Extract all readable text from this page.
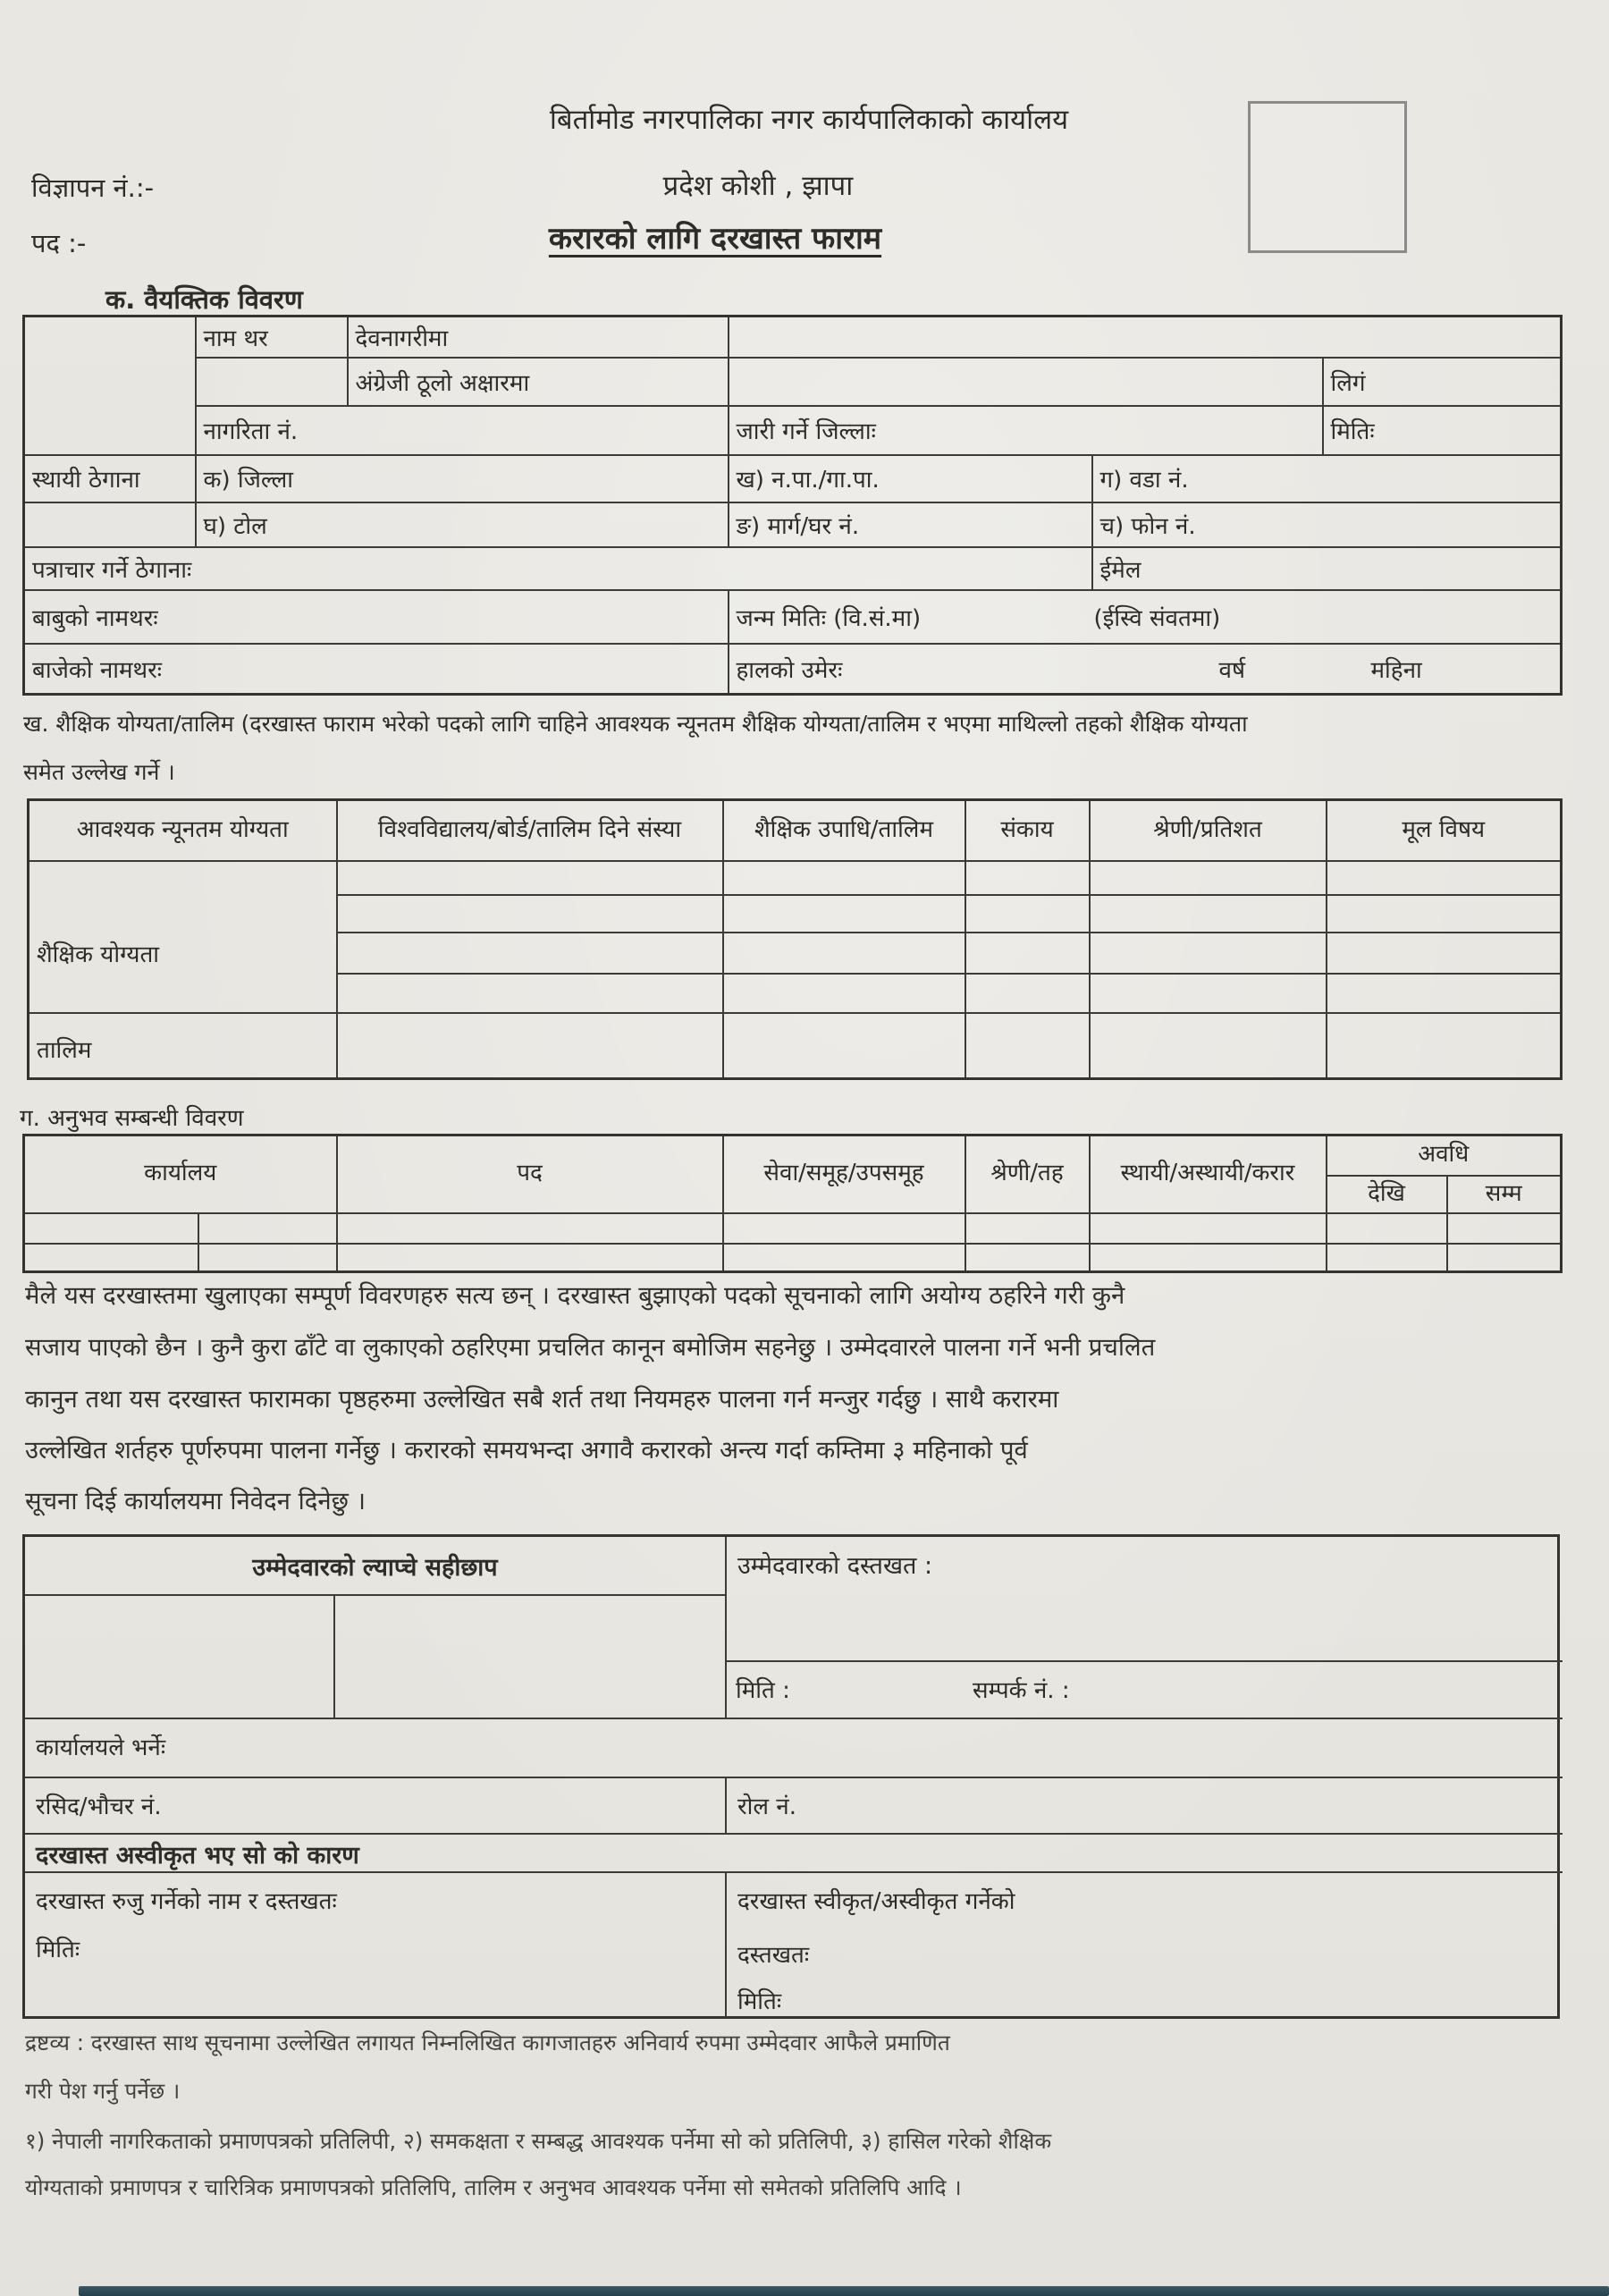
बिर्तामोड नगरपालिका नगर कार्यपालिकाको कार्यालय
विज्ञापन नं.:-	प्रदेश कोशी , झापा
पद :-	करारको लागि दरखास्त फाराम
क. वैयक्तिक विवरण
	नाम थर	देवनागरीमा			
		अंग्रेजी ठूलो अक्षारमा			लिगं
	नागरिता नं.		जारी गर्ने जिल्लाः		मितिः
स्थायी ठेगाना	क) जिल्ला		ख) न.पा./गा.पा.	ग) वडा नं.	
	घ) टोल		ङ) मार्ग/घर नं.	च) फोन नं.	
पत्राचार गर्ने ठेगानाः				ईमेल	
बाबुको नामथरः			जन्म मितिः (वि.सं.मा) (ईस्वि संवतमा)		

बाजेको नामथरः			हालको उमेरः वर्ष महिना		
ख. शैक्षिक योग्यता/तालिम (दरखास्त फाराम भरेको पदको लागि चाहिने आवश्यक न्यूनतम शैक्षिक योग्यता/तालिम र भएमा माथिल्लो तहको शैक्षिक योग्यता
समेत उल्लेख गर्ने ।
आवश्यक न्यूनतम योग्यता	विश्वविद्यालय/बोर्ड/तालिम दिने संस्या	शैक्षिक उपाधि/तालिम	संकाय	श्रेणी/प्रतिशत	मूल विषय
शैक्षिक योग्यता					

तालिम					
ग. अनुभव सम्बन्धी विवरण
कार्यालय		पद	सेवा/समूह/उपसमूह	श्रेणी/तह	स्थायी/अस्थायी/करार	अवधि	
						देखि	सम्म

मैले यस दरखास्तमा खुलाएका सम्पूर्ण विवरणहरु सत्य छन् । दरखास्त बुझाएको पदको सूचनाको लागि अयोग्य ठहरिने गरी कुनै
सजाय पाएको छैन । कुनै कुरा ढाँटे वा लुकाएको ठहरिएमा प्रचलित कानून बमोजिम सहनेछु । उम्मेदवारले पालना गर्ने भनी प्रचलित
कानुन तथा यस दरखास्त फारामका पृष्ठहरुमा उल्लेखित सबै शर्त तथा नियमहरु पालना गर्न मन्जुर गर्दछु । साथै करारमा
उल्लेखित शर्तहरु पूर्णरुपमा पालना गर्नेछु । करारको समयभन्दा अगावै करारको अन्त्य गर्दा कम्तिमा ३ महिनाको पूर्व
सूचना दिई कार्यालयमा निवेदन दिनेछु ।
उम्मेदवारको ल्याप्चे सहीछाप	उम्मेदवारको दस्तखत :
मिति :	सम्पर्क नं. :
कार्यालयले भर्नेः
रसिद/भौचर नं.	रोल नं.
दरखास्त अस्वीकृत भए सो को कारण
दरखास्त रुजु गर्नेको नाम र दस्तखतः
मितिः
दरखास्त स्वीकृत/अस्वीकृत गर्नेको
दस्तखतः
मितिः
द्रष्टव्य : दरखास्त साथ सूचनामा उल्लेखित लगायत निम्नलिखित कागजातहरु अनिवार्य रुपमा उम्मेदवार आफैले प्रमाणित
गरी पेश गर्नु पर्नेछ ।
१) नेपाली नागरिकताको प्रमाणपत्रको प्रतिलिपी, २) समकक्षता र सम्बद्ध आवश्यक पर्नेमा सो को प्रतिलिपी, ३) हासिल गरेको शैक्षिक
योग्यताको प्रमाणपत्र र चारित्रिक प्रमाणपत्रको प्रतिलिपि, तालिम र अनुभव आवश्यक पर्नेमा सो समेतको प्रतिलिपि आदि ।
